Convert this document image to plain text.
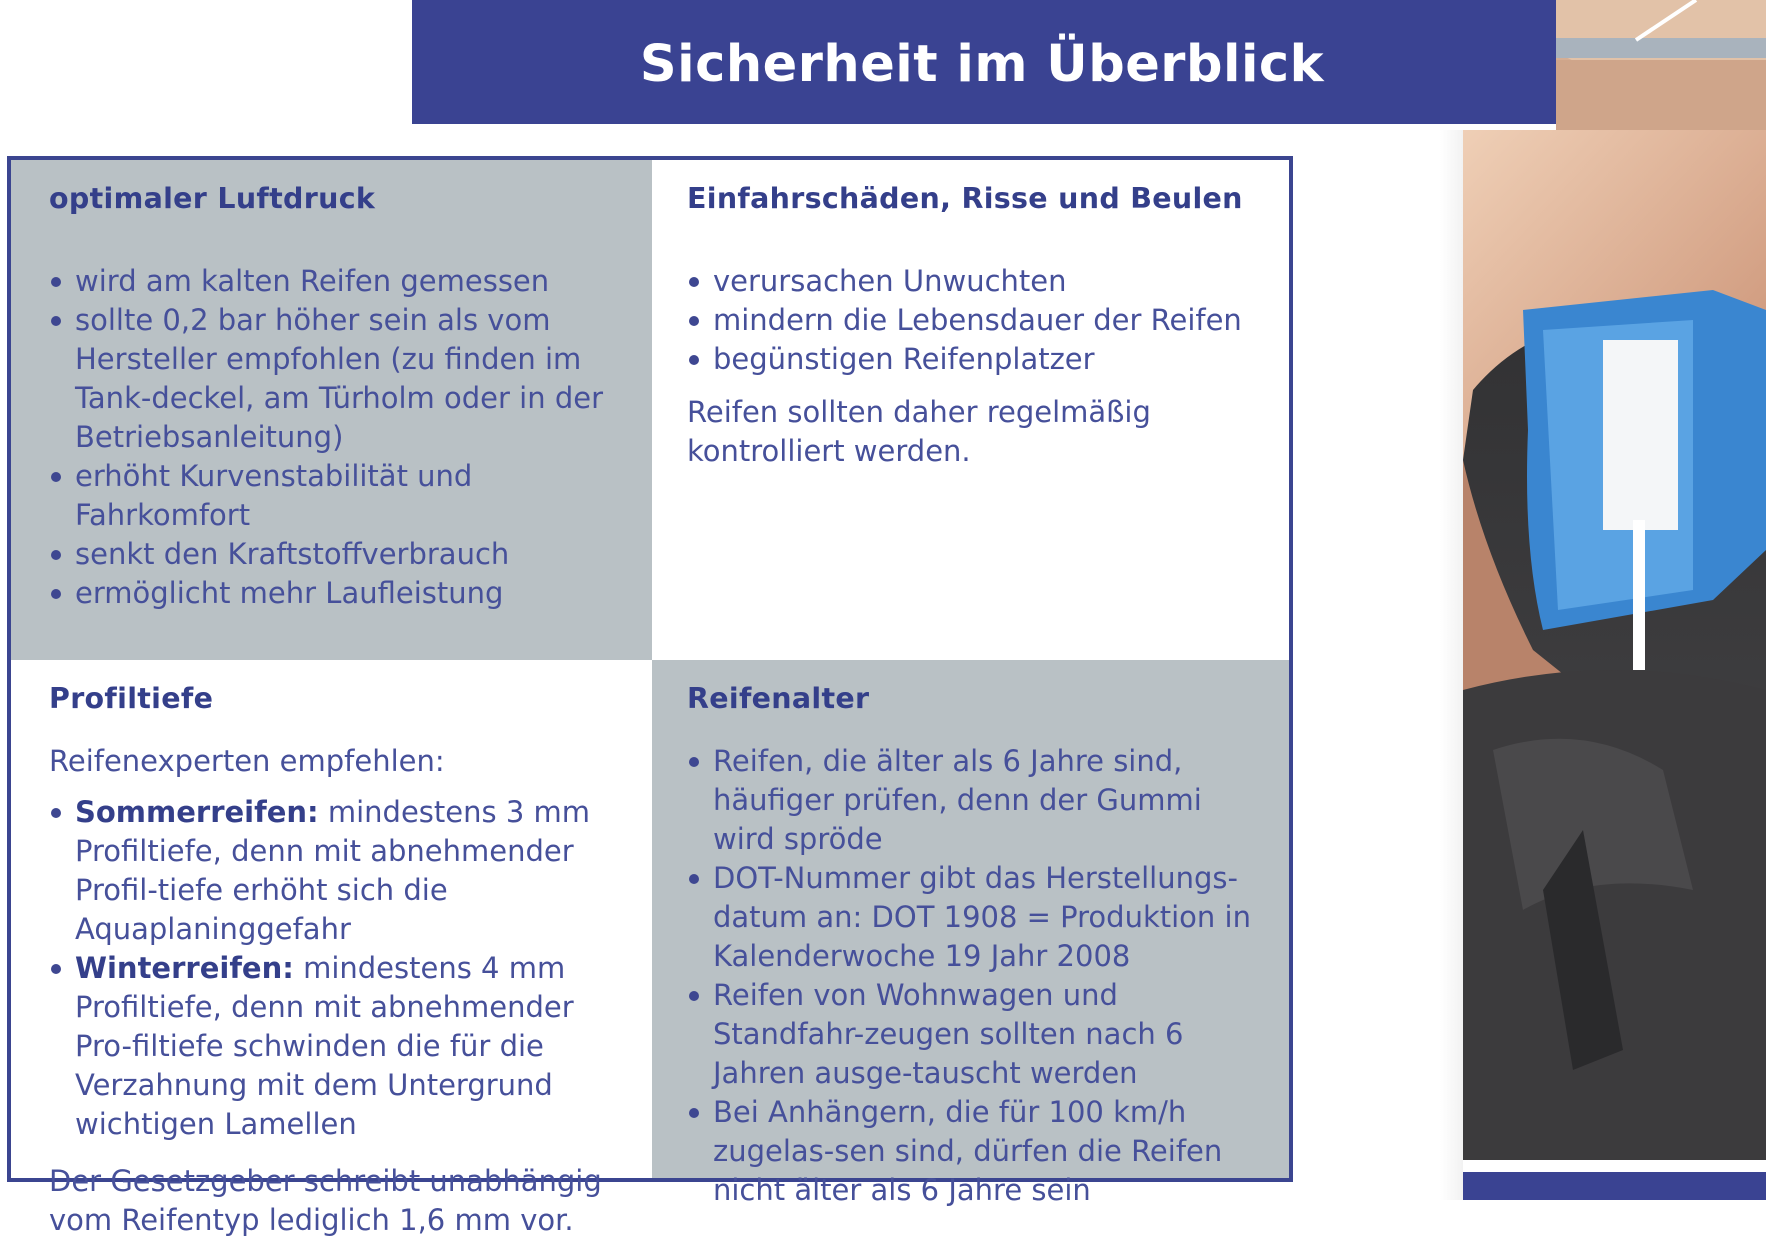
Sicherheit im Überblick
optimaler Luftdruck
wird am kalten Reifen gemessen
sollte 0,2 bar höher sein als vom Hersteller empfohlen (zu finden im Tank-deckel, am Türholm oder in der Betriebsanleitung)
erhöht Kurvenstabilität und Fahrkomfort
senkt den Kraftstoffverbrauch
ermöglicht mehr Laufleistung
Einfahrschäden, Risse und Beulen
verursachen Unwuchten
mindern die Lebensdauer der Reifen
begünstigen Reifenplatzer

Reifen sollten daher regelmäßig kontrolliert werden.

Profiltiefe

Reifenexperten empfehlen:

Sommerreifen: mindestens 3 mm Profiltiefe, denn mit abnehmender Profil-tiefe erhöht sich die Aquaplaninggefahr
Winterreifen: mindestens 4 mm Profiltiefe, denn mit abnehmender Pro-filtiefe schwinden die für die Verzahnung mit dem Untergrund wichtigen Lamellen

Der Gesetzgeber schreibt unabhängig vom Reifentyp lediglich 1,6 mm vor.

Reifenalter
Reifen, die älter als 6 Jahre sind, häufiger prüfen, denn der Gummi wird spröde
DOT-Nummer gibt das Herstellungs-datum an: DOT 1908 = Produktion in Kalenderwoche 19 Jahr 2008
Reifen von Wohnwagen und Standfahr-zeugen sollten nach 6 Jahren ausge-tauscht werden
Bei Anhängern, die für 100 km/h zugelas-sen sind, dürfen die Reifen nicht älter als 6 Jahre sein
